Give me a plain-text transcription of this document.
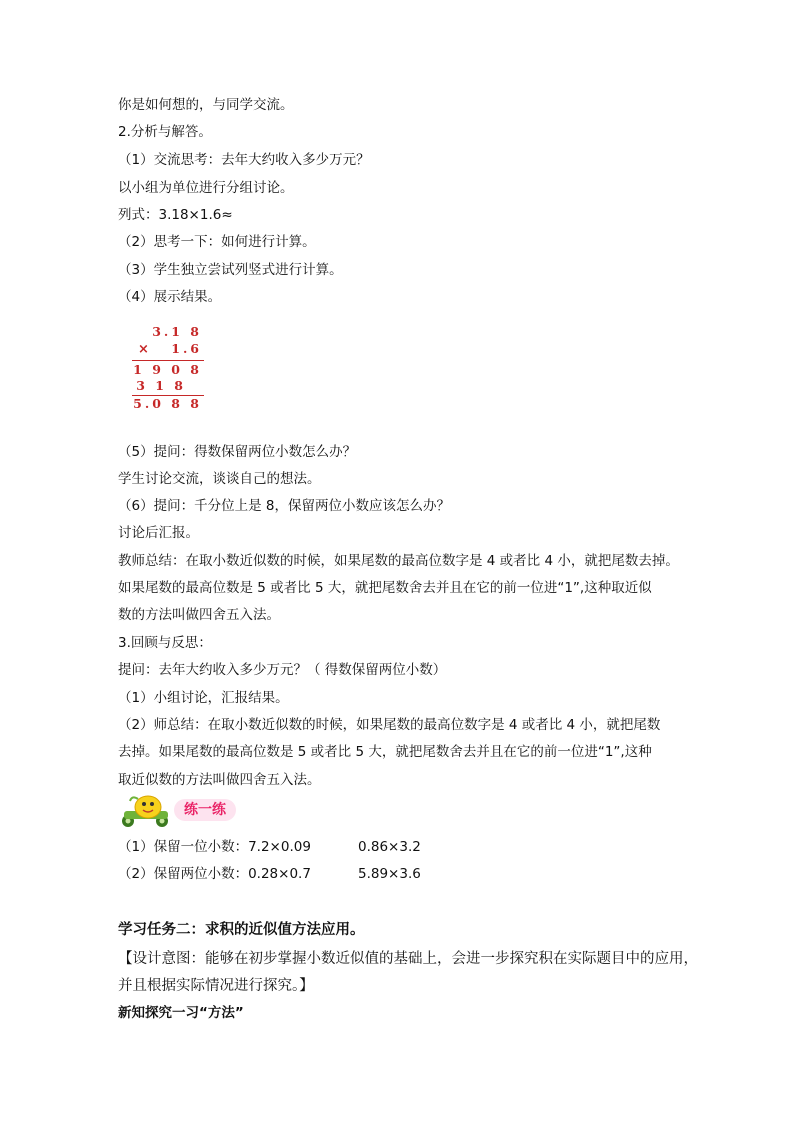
你是如何想的，与同学交流。
2.分析与解答。
（1）交流思考：去年大约收入多少万元？
以小组为单位进行分组讨论。
列式：3.18×1.6≈
（2）思考一下：如何进行计算。
（3）学生独立尝试列竖式进行计算。
（4）展示结果。
3.1 8
×	1.6
1 9 0 8
3 1 8
5.0 8 8
（5）提问：得数保留两位小数怎么办？
学生讨论交流，谈谈自己的想法。
（6）提问：千分位上是 8，保留两位小数应该怎么办？
讨论后汇报。
教师总结：在取小数近似数的时候，如果尾数的最高位数字是 4 或者比 4 小，就把尾数去掉。
如果尾数的最高位数是 5 或者比 5 大，就把尾数舍去并且在它的前一位进“1”,这种取近似
数的方法叫做四舍五入法。
3.回顾与反思：
提问：去年大约收入多少万元？（ 得数保留两位小数）
（1）小组讨论，汇报结果。
（2）师总结：在取小数近似数的时候，如果尾数的最高位数字是 4 或者比 4 小，就把尾数
去掉。如果尾数的最高位数是 5 或者比 5 大，就把尾数舍去并且在它的前一位进“1”,这种
取近似数的方法叫做四舍五入法。
练一练
（1）保留一位小数：7.2×0.09	0.86×3.2
（2）保留两位小数：0.28×0.7	5.89×3.6
学习任务二：求积的近似值方法应用。
【设计意图：能够在初步掌握小数近似值的基础上，会进一步探究积在实际题目中的应用，
并且根据实际情况进行探究。】
新知探究一习“方法”
